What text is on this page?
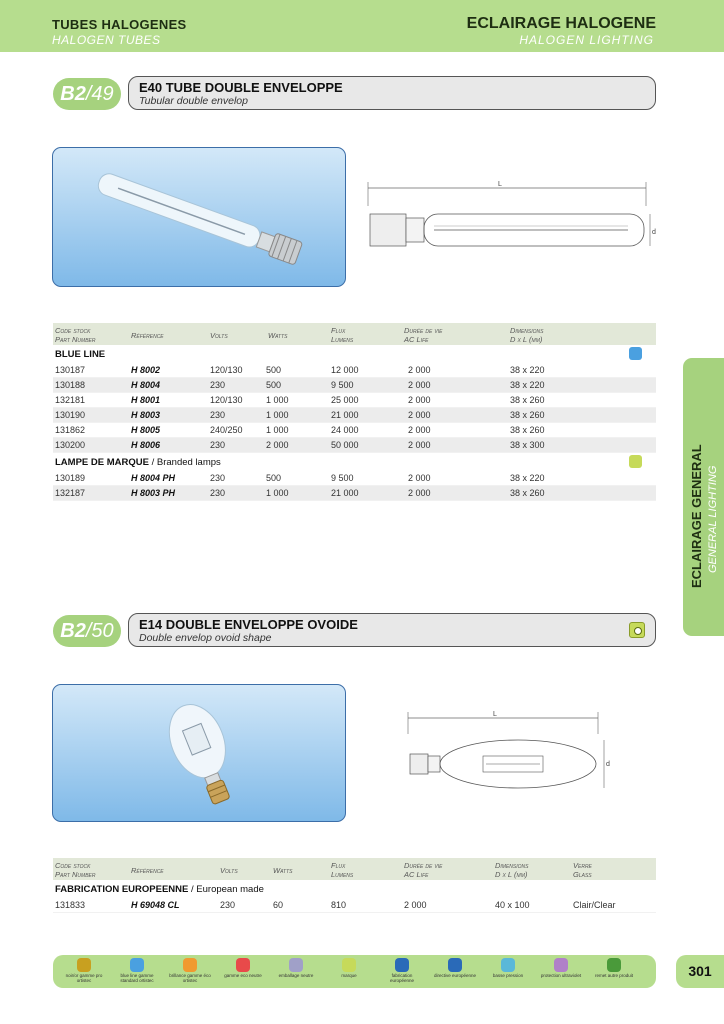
TUBES HALOGENES
HALOGEN TUBES
ECLAIRAGE HALOGENE
HALOGEN LIGHTING
B2/49	E40 TUBE DOUBLE ENVELOPPE
Tubular double envelop
L
d
Code stock
Part Number	Référence	Volts	Watts
Flux
Lumens
Durée de vie
AC Life
Dimensions
D x L (mm)
BLUE LINE
130187	H 8002	120/130	500	12 000	2 000	38 x 220
130188	H 8004	230	500	9 500	2 000	38 x 220
132181	H 8001	120/130	1 000	25 000	2 000	38 x 260
130190	H 8003	230	1 000	21 000	2 000	38 x 260
131862	H 8005	240/250	1 000	24 000	2 000	38 x 260
130200	H 8006	230	2 000	50 000	2 000	38 x 300
LAMPE DE MARQUE / Branded lamps
130189	H 8004 PH	230	500	9 500	2 000	38 x 220
132187	H 8003 PH	230	1 000	21 000	2 000	38 x 260
B2/50	E14 DOUBLE ENVELOPPE OVOIDE
Double envelop ovoid shape
L
d
Code stock
Part Number	Référence	Volts	Watts
Flux
Lumens
Durée de vie
AC Life
Dimensions
D x L (mm)
Verre
Glass
FABRICATION EUROPEENNE / European made
131833	H 69048 CL	230	60	810	2 000	40 x 100	Clair/Clear
ECLAIRAGE GENERAL GENERAL LIGHTING
noir/or gamme pro ortistec
blue line gamme standard ortistec
brillance gamme éco ortistec
gamme eco neutre	emballage neutre	marque	fabrication européenne
directive européenne	basse pression	protection ultraviolet	remet autre produit	301
